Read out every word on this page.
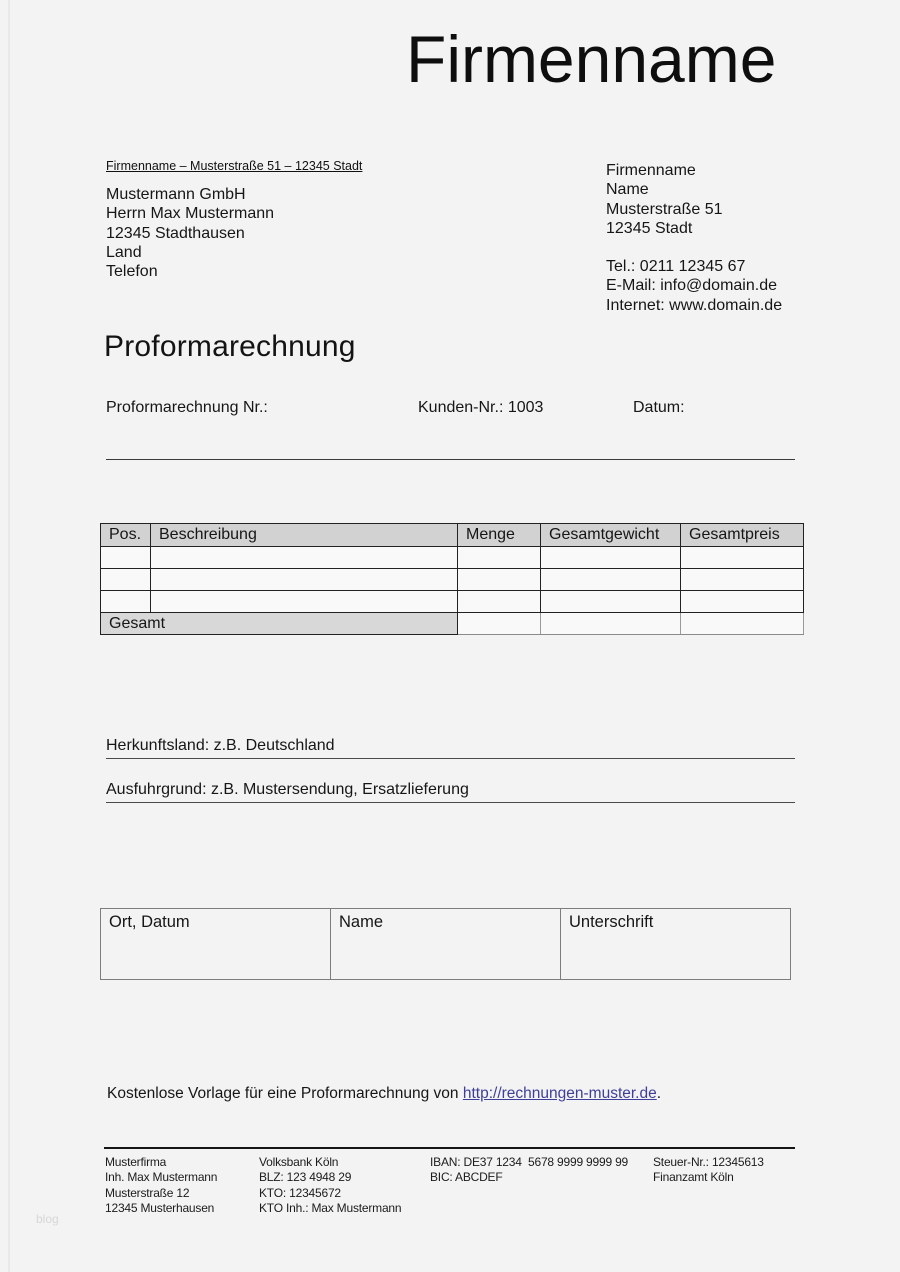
Firmenname
Firmenname – Musterstraße 51 – 12345 Stadt
Mustermann GmbH
Herrn Max Mustermann
12345 Stadthausen
Land
Telefon
Firmenname
Name
Musterstraße 51
12345 Stadt
Tel.: 0211 12345 67
E-Mail: info@domain.de
Internet: www.domain.de
Proformarechnung
Proformarechnung Nr.:	Kunden-Nr.: 1003	Datum:
Pos.	Beschreibung	Menge	Gesamtgewicht	Gesamtpreis

Gesamt				
Herkunftsland: z.B. Deutschland
Ausfuhrgrund: z.B. Mustersendung, Ersatzlieferung
Ort, Datum	Name	Unterschrift
Kostenlose Vorlage für eine Proformarechnung von http://rechnungen-muster.de.
Musterfirma
Inh. Max Mustermann
Musterstraße 12
12345 Musterhausen
Volksbank Köln
BLZ: 123 4948 29
KTO: 12345672
KTO Inh.: Max Mustermann
IBAN: DE37 1234  5678 9999 9999 99
BIC: ABCDEF
Steuer-Nr.: 12345613
Finanzamt Köln
blog
